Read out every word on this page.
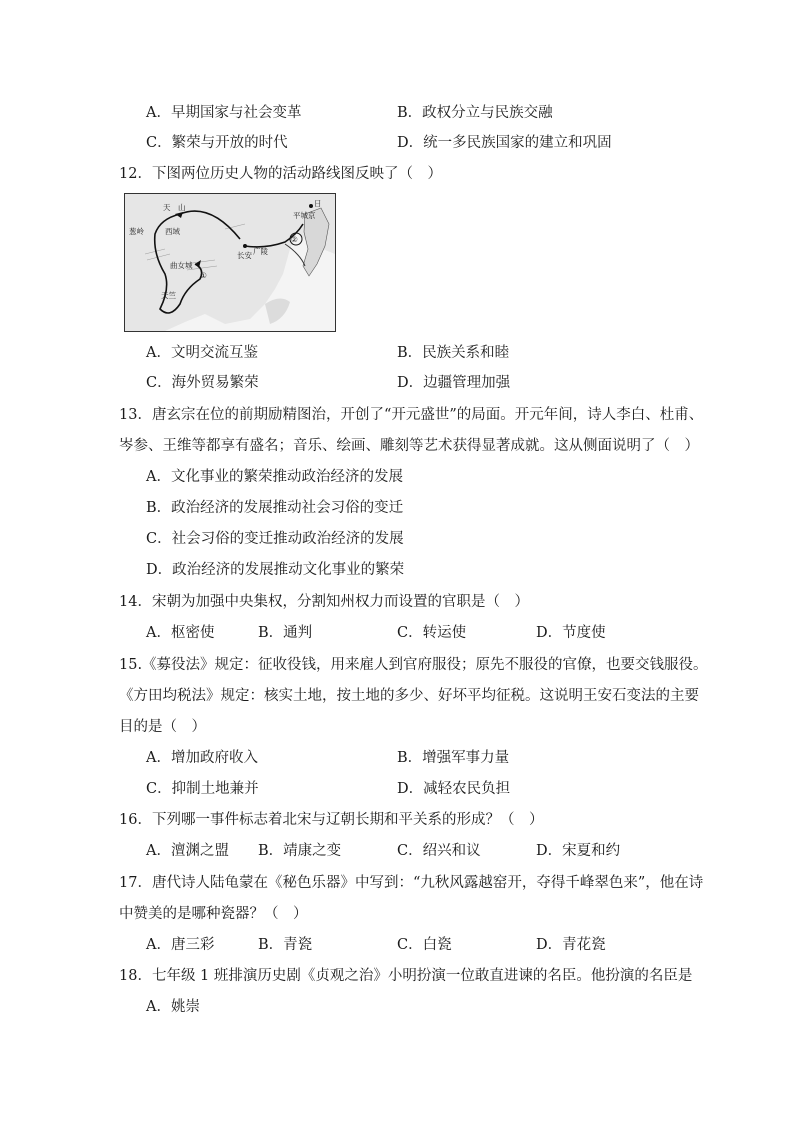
A．早期国家与社会变革	B．政权分立与民族交融
C．繁荣与开放的时代	D．统一多民族国家的建立和巩固
12．下图两位历史人物的活动路线图反映了（　）
天　山
葱岭	西域
曲女城
①
天竺
广陵
长安
②
日
平城京
A．文明交流互鉴	B．民族关系和睦
C．海外贸易繁荣	D．边疆管理加强
13．唐玄宗在位的前期励精图治，开创了“开元盛世”的局面。开元年间，诗人李白、杜甫、
岑参、王维等都享有盛名；音乐、绘画、雕刻等艺术获得显著成就。这从侧面说明了（　）
A．文化事业的繁荣推动政治经济的发展
B．政治经济的发展推动社会习俗的变迁
C．社会习俗的变迁推动政治经济的发展
D．政治经济的发展推动文化事业的繁荣
14．宋朝为加强中央集权，分割知州权力而设置的官职是（　）
A．枢密使	B．通判	C．转运使	D．节度使
15.《募役法》规定：征收役钱，用来雇人到官府服役；原先不服役的官僚，也要交钱服役。
《方田均税法》规定：核实土地，按土地的多少、好坏平均征税。这说明王安石变法的主要
目的是（　）
A．增加政府收入	B．增强军事力量
C．抑制土地兼并	D．减轻农民负担
16．下列哪一事件标志着北宋与辽朝长期和平关系的形成？（　）
A．澶渊之盟 B．靖康之变	C．绍兴和议	D．宋夏和约
17．唐代诗人陆龟蒙在《秘色乐器》中写到：“九秋风露越窑开，夺得千峰翠色来”，他在诗
中赞美的是哪种瓷器？（　）
A．唐三彩	B．青瓷	C．白瓷	D．青花瓷
18．七年级 1 班排演历史剧《贞观之治》小明扮演一位敢直进谏的名臣。他扮演的名臣是
A．姚崇
